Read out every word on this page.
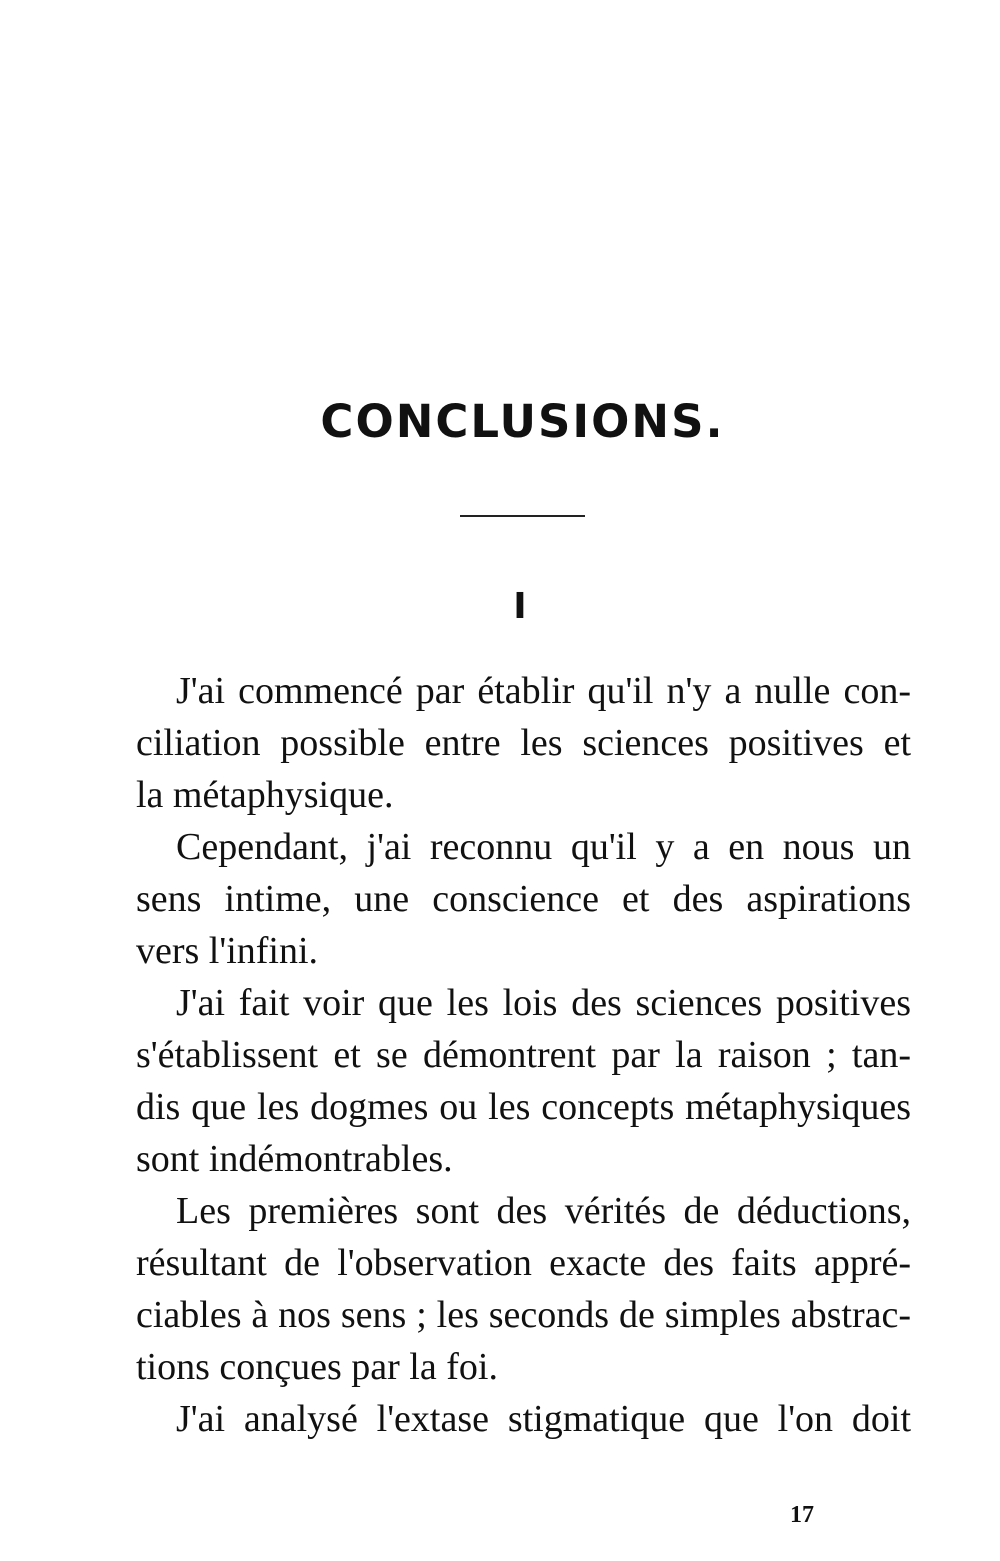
CONCLUSIONS.
I
J'ai commencé par établir qu'il n'y a nulle con-
ciliation possible entre les sciences positives et
la métaphysique.
Cependant, j'ai reconnu qu'il y a en nous un
sens intime, une conscience et des aspirations
vers l'infini.
J'ai fait voir que les lois des sciences positives
s'établissent et se démontrent par la raison ; tan-
dis que les dogmes ou les concepts métaphysiques
sont indémontrables.
Les premières sont des vérités de déductions,
résultant de l'observation exacte des faits appré-
ciables à nos sens ; les seconds de simples abstrac-
tions conçues par la foi.
J'ai analysé l'extase stigmatique que l'on doit
17
